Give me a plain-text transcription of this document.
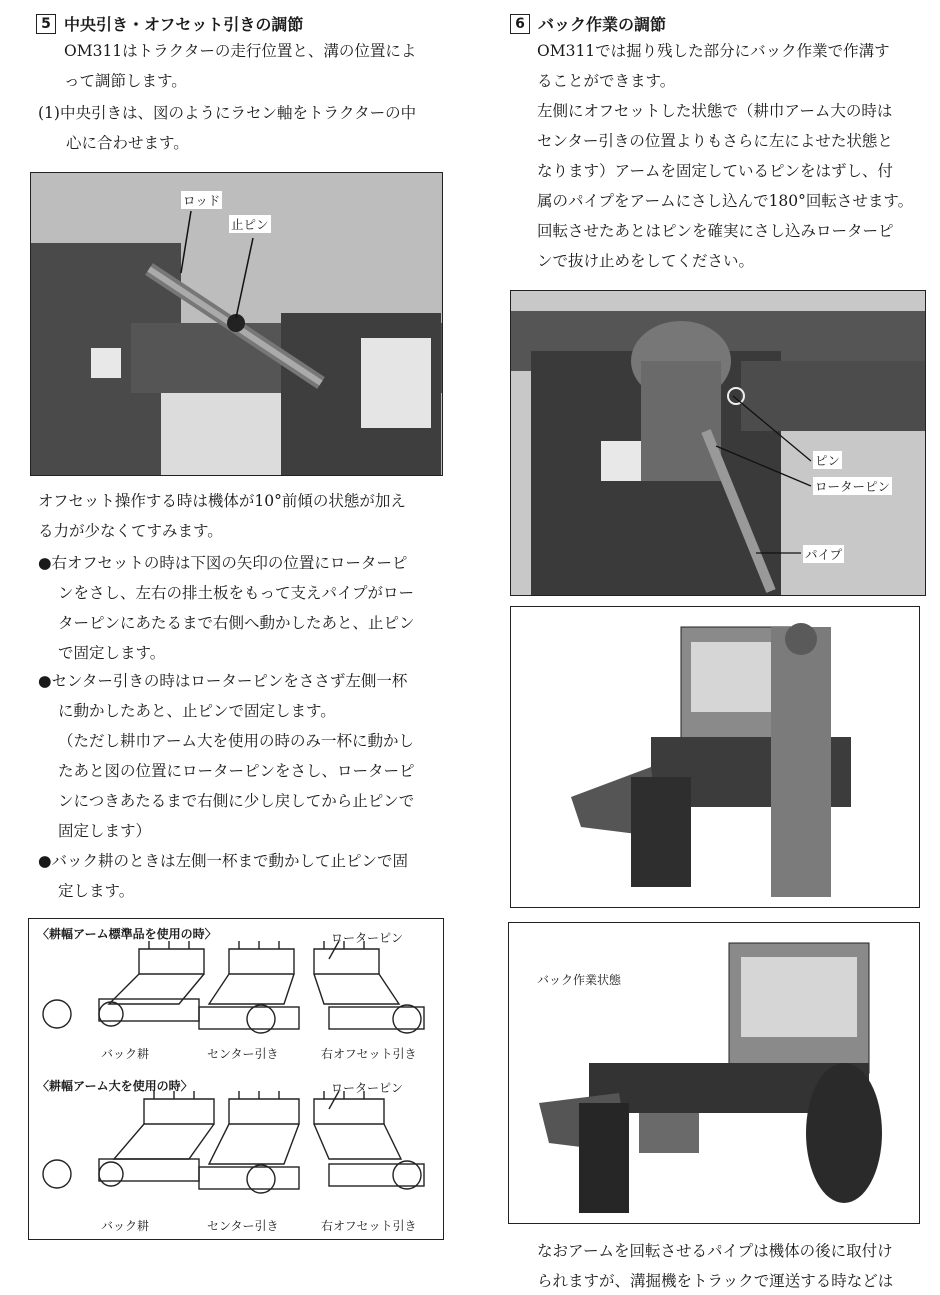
5 中央引き・オフセット引きの調節
OM311はトラクターの走行位置と、溝の位置によ
って調節します。
(1)中央引きは、図のようにラセン軸をトラクターの中
心に合わせます。
ロッド
止ピン
オフセット操作する時は機体が10°前傾の状態が加え
る力が少なくてすみます。
●右オフセットの時は下図の矢印の位置にローターピ
ンをさし、左右の排土板をもって支えパイプがロー
ターピンにあたるまで右側へ動かしたあと、止ピン
で固定します。
●センター引きの時はローターピンをささず左側一杯
に動かしたあと、止ピンで固定します。
（ただし耕巾アーム大を使用の時のみ一杯に動かし
たあと図の位置にローターピンをさし、ローターピ
ンにつきあたるまで右側に少し戻してから止ピンで
固定します）
●バック耕のときは左側一杯まで動かして止ピンで固
定します。
〈耕幅アーム標準品を使用の時〉	ローターピン
バック耕	センター引き	右オフセット引き
〈耕幅アーム大を使用の時〉	ローターピン
バック耕	センター引き	右オフセット引き
6 バック作業の調節
OM311では掘り残した部分にバック作業で作溝す
ることができます。
左側にオフセットした状態で（耕巾アーム大の時は
センター引きの位置よりもさらに左によせた状態と
なります）アームを固定しているピンをはずし、付
属のパイプをアームにさし込んで180°回転させます。
回転させたあとはピンを確実にさし込みローターピ
ンで抜け止めをしてください。
ピン
ローターピン
パイプ
バック作業状態
なおアームを回転させるパイプは機体の後に取付け
られますが、溝掘機をトラックで運送する時などは
